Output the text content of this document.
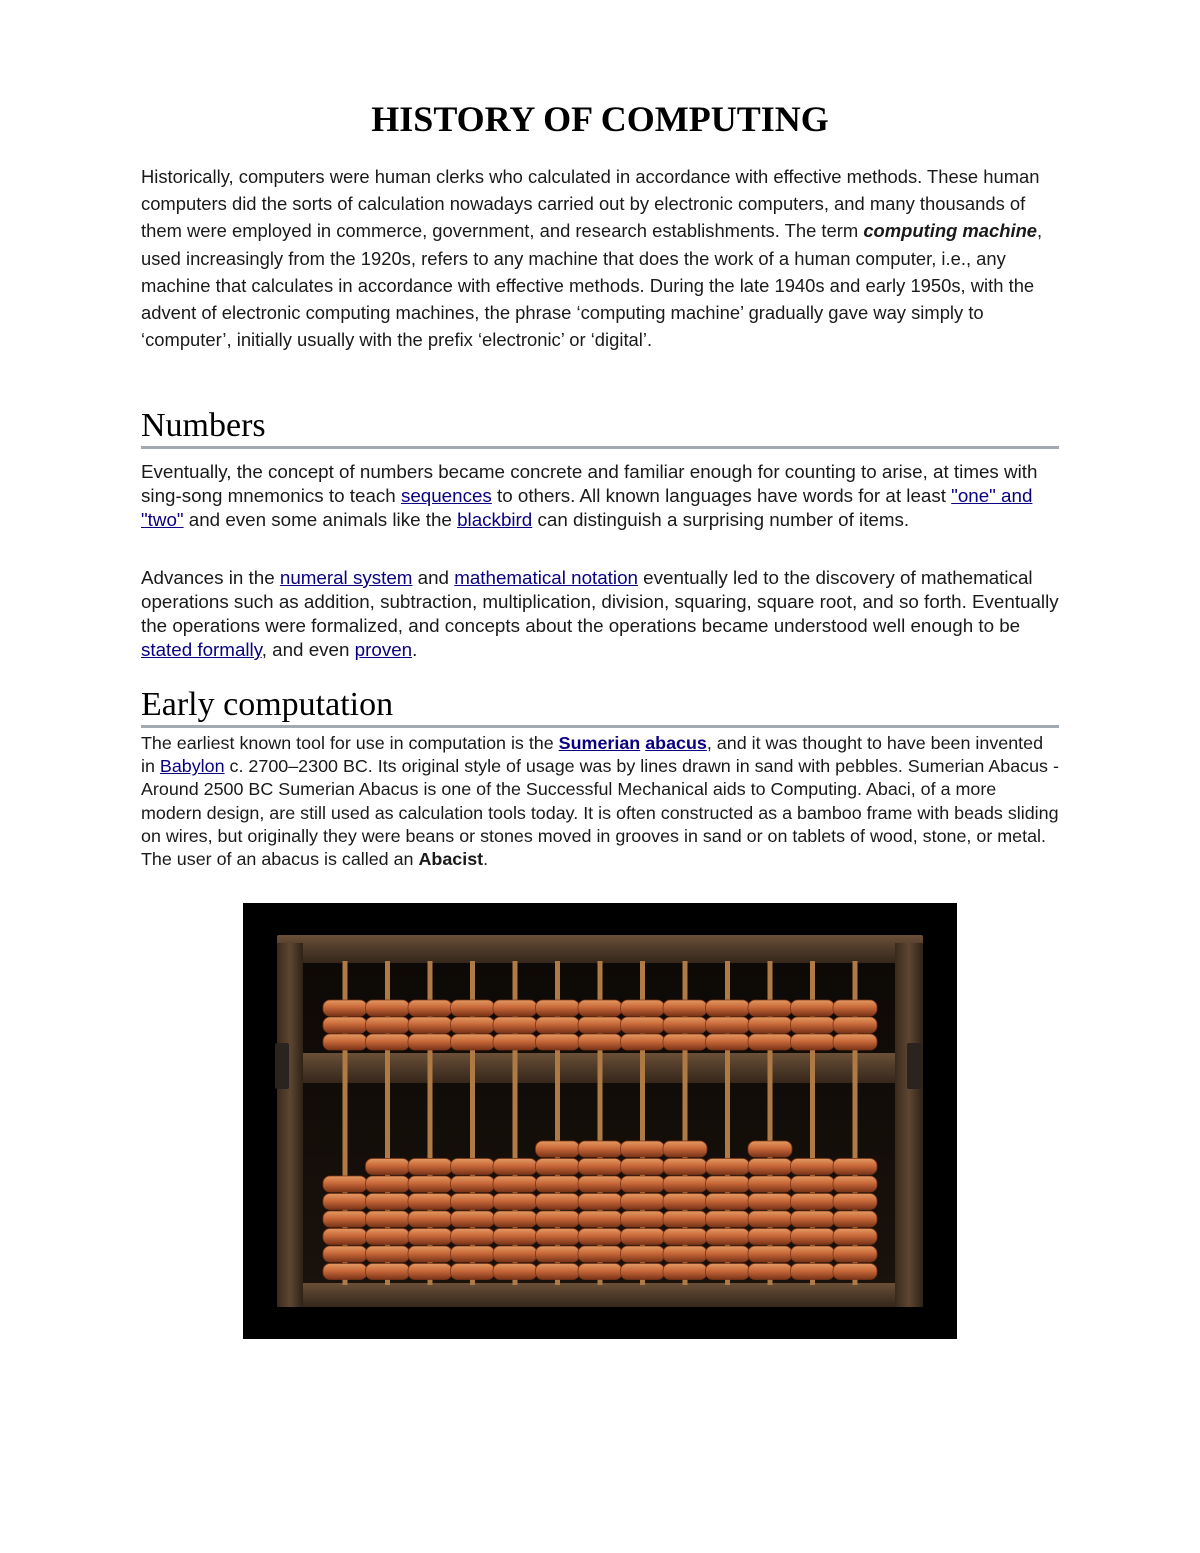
HISTORY OF COMPUTING

Historically, computers were human clerks who calculated in accordance with effective methods. These human computers did the sorts of calculation nowadays carried out by electronic computers, and many thousands of them were employed in commerce, government, and research establishments. The term computing machine, used increasingly from the 1920s, refers to any machine that does the work of a human computer, i.e., any machine that calculates in accordance with effective methods. During the late 1940s and early 1950s, with the advent of electronic computing machines, the phrase ‘computing machine’ gradually gave way simply to ‘computer’, initially usually with the prefix ‘electronic’ or ‘digital’.

Numbers

Eventually, the concept of numbers became concrete and familiar enough for counting to arise, at times with sing-song mnemonics to teach sequences to others. All known languages have words for at least "one" and "two" and even some animals like the blackbird can distinguish a surprising number of items.

Advances in the numeral system and mathematical notation eventually led to the discovery of mathematical operations such as addition, subtraction, multiplication, division, squaring, square root, and so forth. Eventually the operations were formalized, and concepts about the operations became understood well enough to be stated formally, and even proven.

Early computation

The earliest known tool for use in computation is the Sumerian abacus, and it was thought to have been invented in Babylon c. 2700–2300 BC. Its original style of usage was by lines drawn in sand with pebbles. Sumerian Abacus - Around 2500 BC Sumerian Abacus is one of the Successful Mechanical aids to Computing. Abaci, of a more modern design, are still used as calculation tools today. It is often constructed as a bamboo frame with beads sliding on wires, but originally they were beans or stones moved in grooves in sand or on tablets of wood, stone, or metal. The user of an abacus is called an Abacist.
